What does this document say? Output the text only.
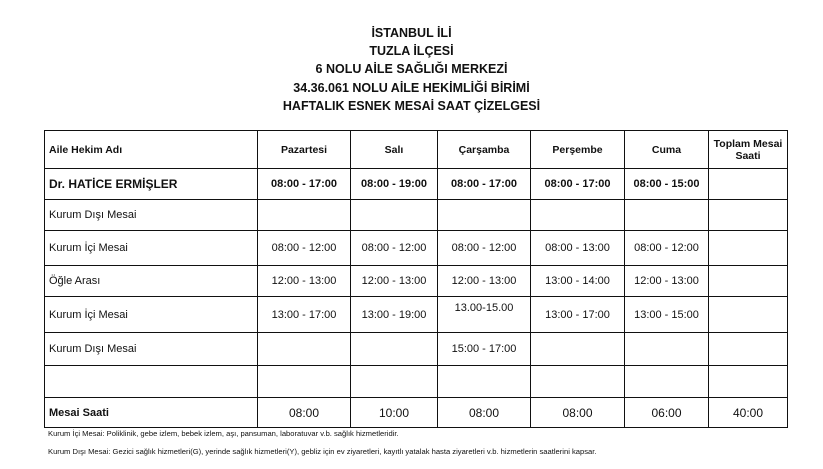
İSTANBUL İLİ
TUZLA İLÇESİ
6 NOLU AİLE SAĞLIĞI MERKEZİ
34.36.061 NOLU AİLE HEKİMLİĞİ BİRİMİ
HAFTALIK ESNEK MESAİ SAAT ÇİZELGESİ
Aile Hekim Adı	Pazartesi	Salı	Çarşamba	Perşembe	Cuma	Toplam Mesai Saati
Dr. HATİCE ERMİŞLER	08:00 - 17:00	08:00 - 19:00	08:00 - 17:00	08:00 - 17:00	08:00 - 15:00	
Kurum Dışı Mesai						
Kurum İçi Mesai	08:00 - 12:00	08:00 - 12:00	08:00 - 12:00	08:00 - 13:00	08:00 - 12:00	
Öğle Arası	12:00 - 13:00	12:00 - 13:00	12:00 - 13:00	13:00 - 14:00	12:00 - 13:00	
Kurum İçi Mesai	13:00 - 17:00	13:00 - 19:00	13.00-15.00	13:00 - 17:00	13:00 - 15:00	
Kurum Dışı Mesai			15:00 - 17:00			

Mesai Saati	08:00	10:00	08:00	08:00	06:00	40:00
Kurum İçi Mesai: Poliklinik, gebe izlem, bebek izlem, aşı, pansuman, laboratuvar v.b. sağlık hizmetleridir.
Kurum Dışı Mesai: Gezici sağlık hizmetleri(G), yerinde sağlık hizmetleri(Y), gebliz için ev ziyaretleri, kayıtlı yatalak hasta ziyaretleri v.b. hizmetlerin saatlerini kapsar.
